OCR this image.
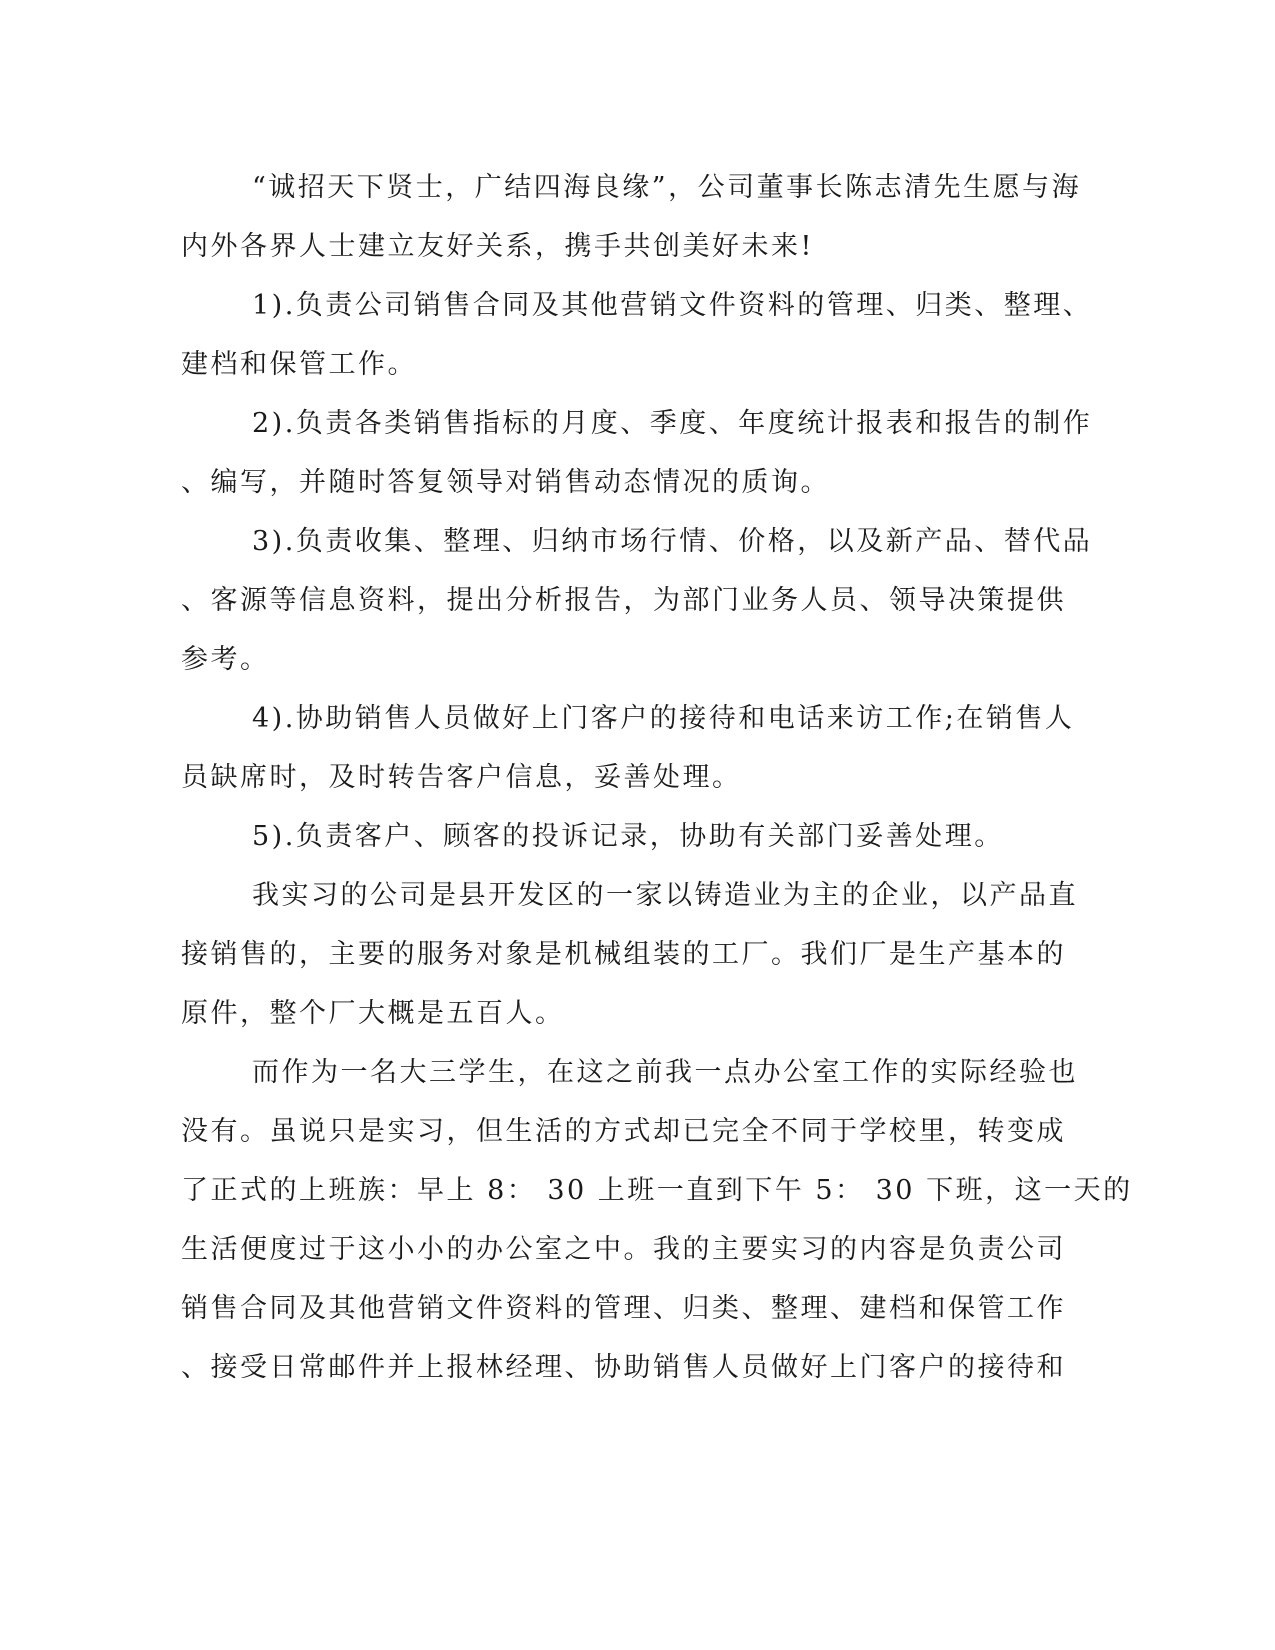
“诚招天下贤士，广结四海良缘”，公司董事长陈志清先生愿与海
内外各界人士建立友好关系，携手共创美好未来!
1).负责公司销售合同及其他营销文件资料的管理、归类、整理、
建档和保管工作。
2).负责各类销售指标的月度、季度、年度统计报表和报告的制作
、编写，并随时答复领导对销售动态情况的质询。
3).负责收集、整理、归纳市场行情、价格，以及新产品、替代品
、客源等信息资料，提出分析报告，为部门业务人员、领导决策提供
参考。
4).协助销售人员做好上门客户的接待和电话来访工作;在销售人
员缺席时，及时转告客户信息，妥善处理。
5).负责客户、顾客的投诉记录，协助有关部门妥善处理。
我实习的公司是县开发区的一家以铸造业为主的企业，以产品直
接销售的，主要的服务对象是机械组装的工厂。我们厂是生产基本的
原件，整个厂大概是五百人。
而作为一名大三学生，在这之前我一点办公室工作的实际经验也
没有。虽说只是实习，但生活的方式却已完全不同于学校里，转变成
了正式的上班族：早上 8： 30 上班一直到下午 5： 30 下班，这一天的
生活便度过于这小小的办公室之中。我的主要实习的内容是负责公司
销售合同及其他营销文件资料的管理、归类、整理、建档和保管工作
、接受日常邮件并上报林经理、协助销售人员做好上门客户的接待和
